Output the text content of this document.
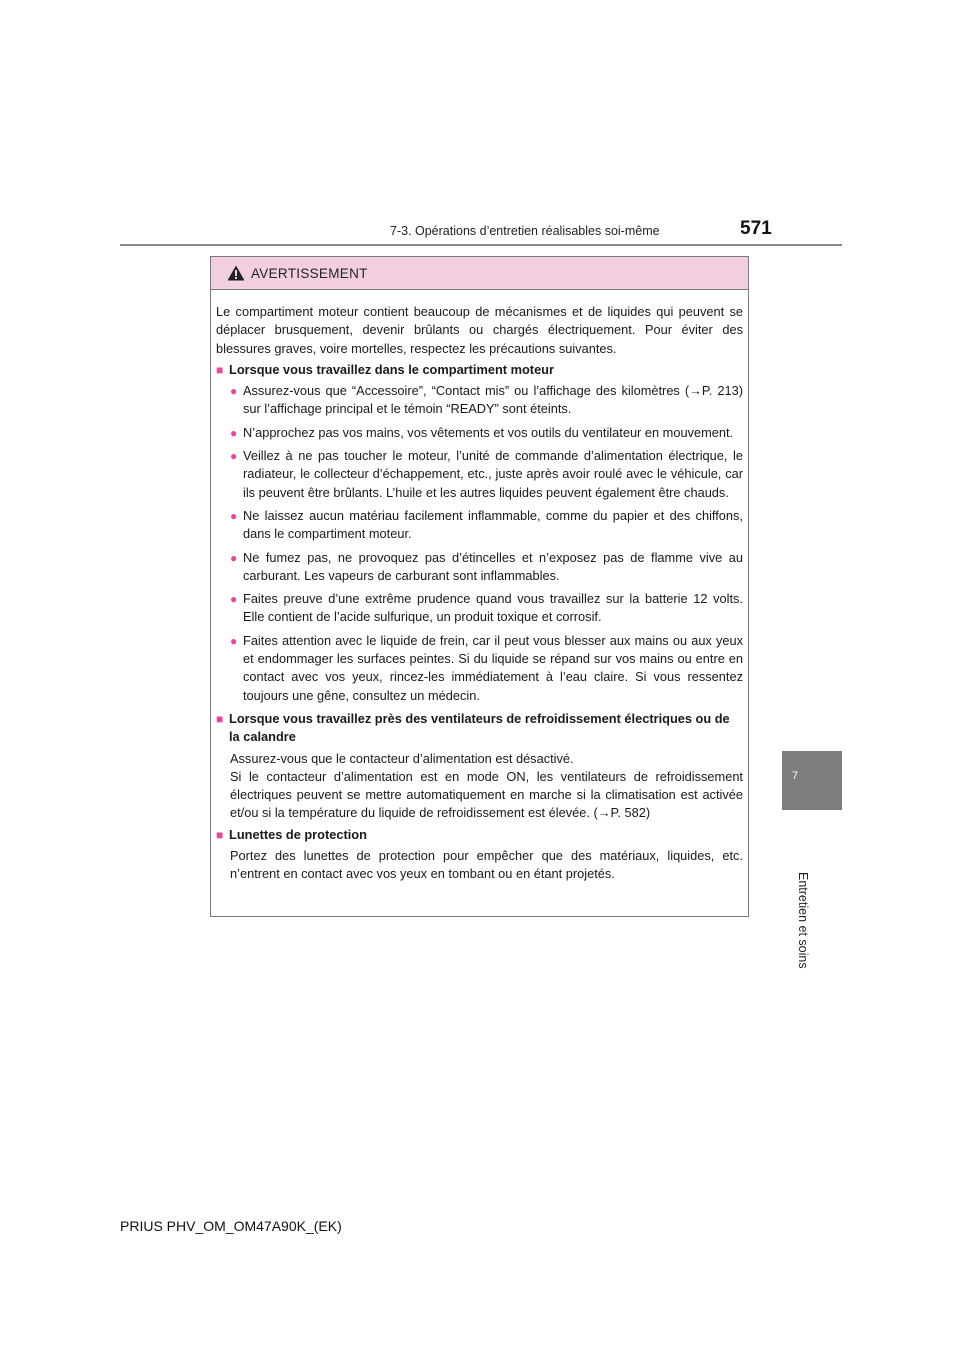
7-3. Opérations d’entretien réalisables soi-même	571
7
Entretien et soins
AVERTISSEMENT

Le compartiment moteur contient beaucoup de mécanismes et de liquides qui peuvent se déplacer brusquement, devenir brûlants ou chargés électriquement. Pour éviter des blessures graves, voire mortelles, respectez les précautions suivantes.

■ Lorsque vous travaillez dans le compartiment moteur
● Assurez-vous que “Accessoire”, “Contact mis” ou l’affichage des kilomètres (→P. 213) sur l’affichage principal et le témoin “READY” sont éteints.
● N’approchez pas vos mains, vos vêtements et vos outils du ventilateur en mouvement.
● Veillez à ne pas toucher le moteur, l’unité de commande d’alimentation électrique, le radiateur, le collecteur d’échappement, etc., juste après avoir roulé avec le véhicule, car ils peuvent être brûlants. L’huile et les autres liquides peuvent également être chauds.
● Ne laissez aucun matériau facilement inflammable, comme du papier et des chiffons, dans le compartiment moteur.
● Ne fumez pas, ne provoquez pas d’étincelles et n’exposez pas de flamme vive au carburant. Les vapeurs de carburant sont inflammables.
● Faites preuve d’une extrême prudence quand vous travaillez sur la batterie 12 volts. Elle contient de l’acide sulfurique, un produit toxique et corrosif.
● Faites attention avec le liquide de frein, car il peut vous blesser aux mains ou aux yeux et endommager les surfaces peintes. Si du liquide se répand sur vos mains ou entre en contact avec vos yeux, rincez-les immédiatement à l’eau claire. Si vous ressentez toujours une gêne, consultez un médecin.
■ Lorsque vous travaillez près des ventilateurs de refroidissement électriques ou de la calandre
Assurez-vous que le contacteur d’alimentation est désactivé.
Si le contacteur d’alimentation est en mode ON, les ventilateurs de refroidissement électriques peuvent se mettre automatiquement en marche si la climatisation est activée et/ou si la température du liquide de refroidissement est élevée. (→P. 582)
■ Lunettes de protection
Portez des lunettes de protection pour empêcher que des matériaux, liquides, etc. n’entrent en contact avec vos yeux en tombant ou en étant projetés.
PRIUS PHV_OM_OM47A90K_(EK)
